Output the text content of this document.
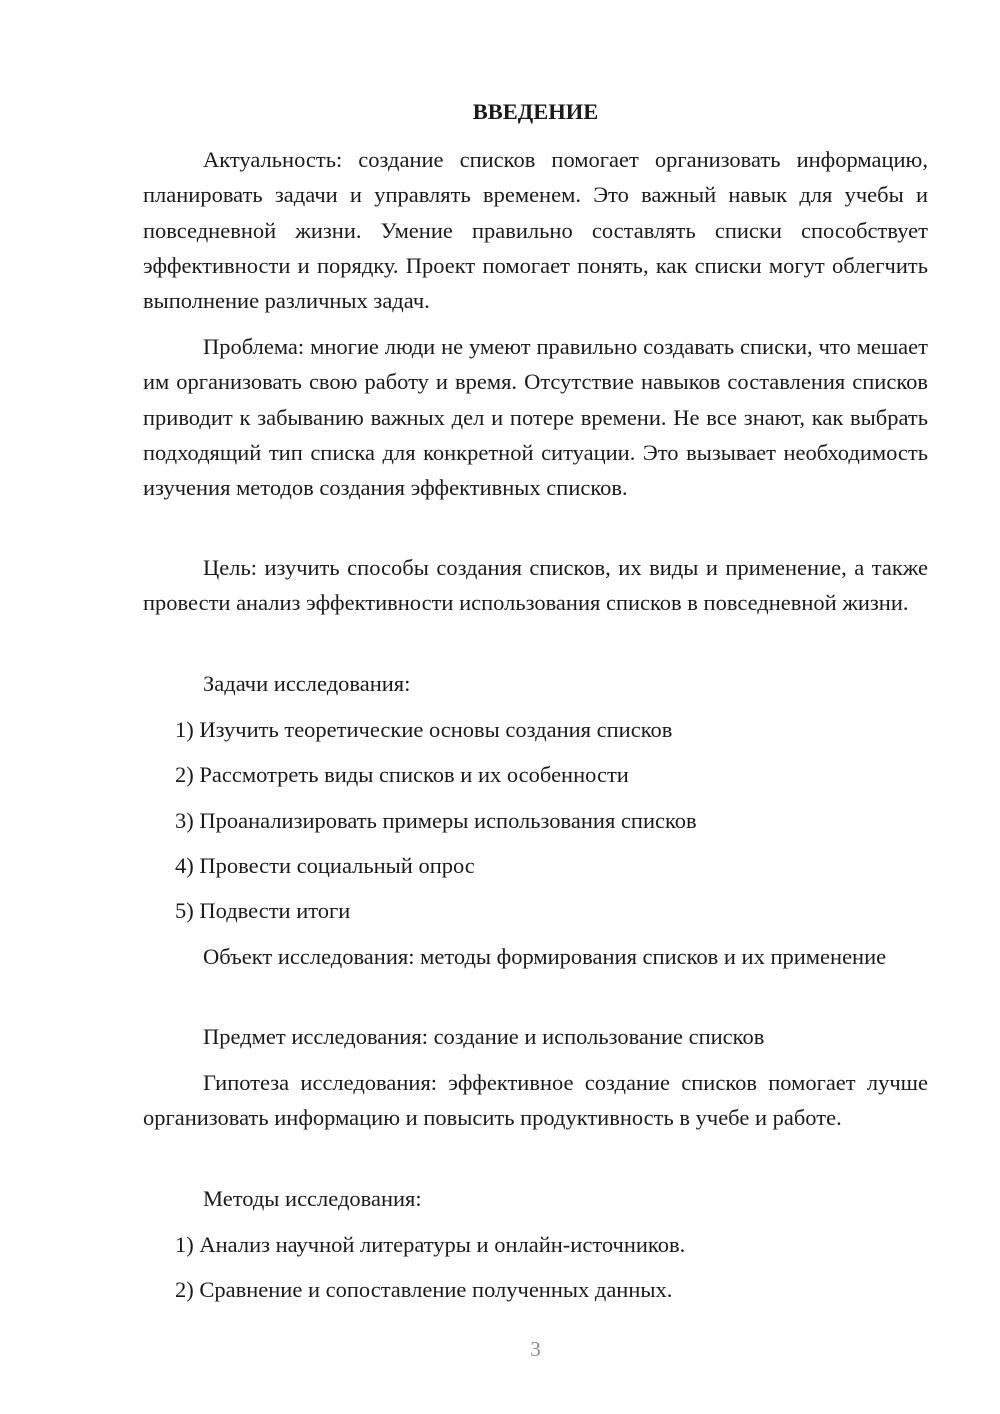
ВВЕДЕНИЕ

Актуальность: создание списков помогает организовать информацию, планировать задачи и управлять временем. Это важный навык для учебы и повседневной жизни. Умение правильно составлять списки способствует эффективности и порядку. Проект помогает понять, как списки могут облегчить выполнение различных задач.

Проблема: многие люди не умеют правильно создавать списки, что мешает им организовать свою работу и время. Отсутствие навыков составления списков приводит к забыванию важных дел и потере времени. Не все знают, как выбрать подходящий тип списка для конкретной ситуации. Это вызывает необходимость изучения методов создания эффективных списков.

Цель: изучить способы создания списков, их виды и применение, а также провести анализ эффективности использования списков в повседневной жизни.

Задачи исследования:

1) Изучить теоретические основы создания списков

2) Рассмотреть виды списков и их особенности

3) Проанализировать примеры использования списков

4) Провести социальный опрос

5) Подвести итоги

Объект исследования: методы формирования списков и их применение

Предмет исследования: создание и использование списков

Гипотеза исследования: эффективное создание списков помогает лучше организовать информацию и повысить продуктивность в учебе и работе.

Методы исследования:

1) Анализ научной литературы и онлайн-источников.

2) Сравнение и сопоставление полученных данных.

3
